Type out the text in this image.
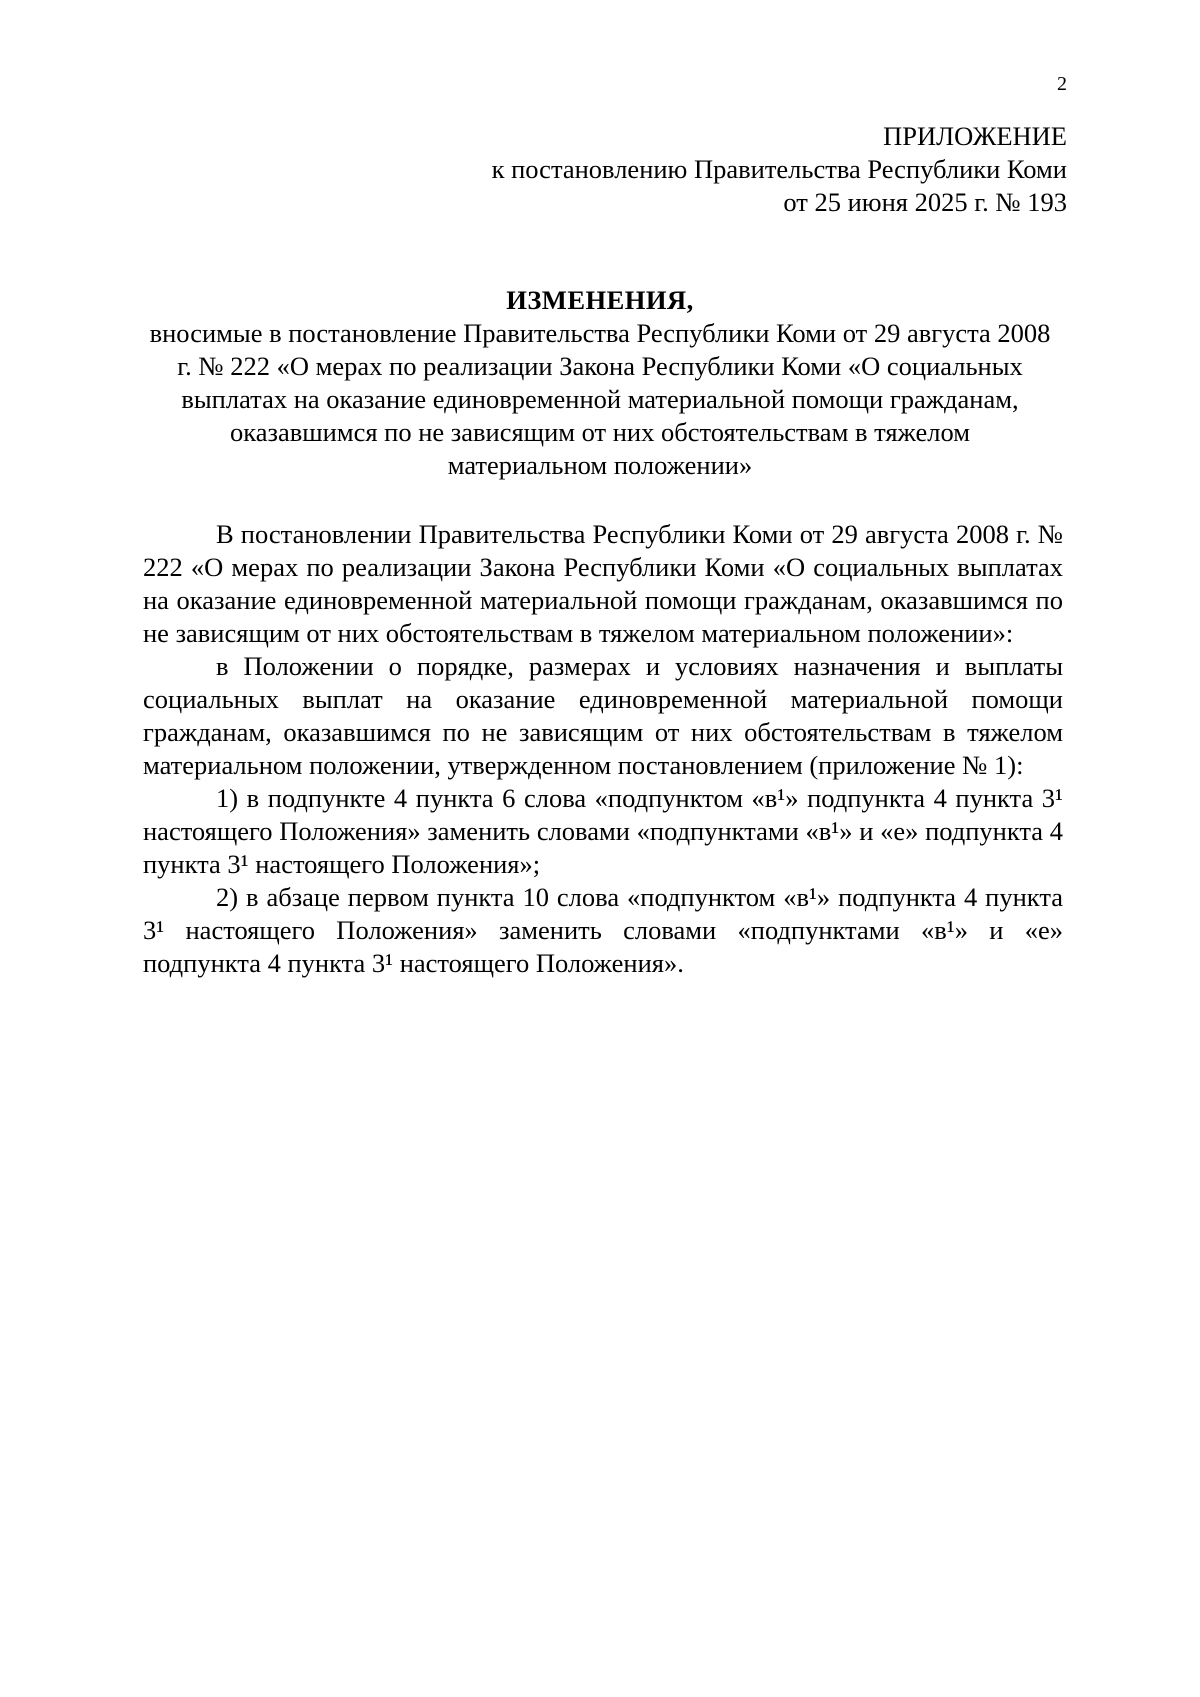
2
ПРИЛОЖЕНИЕ
к постановлению Правительства Республики Коми
от 25 июня 2025 г. № 193
ИЗМЕНЕНИЯ,
вносимые в постановление Правительства Республики Коми от 29 августа 2008 г. № 222 «О мерах по реализации Закона Республики Коми «О социальных выплатах на оказание единовременной материальной помощи гражданам, оказавшимся по не зависящим от них обстоятельствам в тяжелом материальном положении»

В постановлении Правительства Республики Коми от 29 августа 2008 г. № 222 «О мерах по реализации Закона Республики Коми «О социальных выплатах на оказание единовременной материальной помощи гражданам, оказавшимся по не зависящим от них обстоятельствам в тяжелом материальном положении»:

в Положении о порядке, размерах и условиях назначения и выплаты социальных выплат на оказание единовременной материальной помощи гражданам, оказавшимся по не зависящим от них обстоятельствам в тяжелом материальном положении, утвержденном постановлением (приложение № 1):

1) в подпункте 4 пункта 6 слова «подпунктом «в¹» подпункта 4 пункта 3¹ настоящего Положения» заменить словами «подпунктами «в¹» и «е» подпункта 4 пункта 3¹ настоящего Положения»;

2) в абзаце первом пункта 10 слова «подпунктом «в¹» подпункта 4 пункта 3¹ настоящего Положения» заменить словами «подпунктами «в¹» и «е» подпункта 4 пункта 3¹ настоящего Положения».
